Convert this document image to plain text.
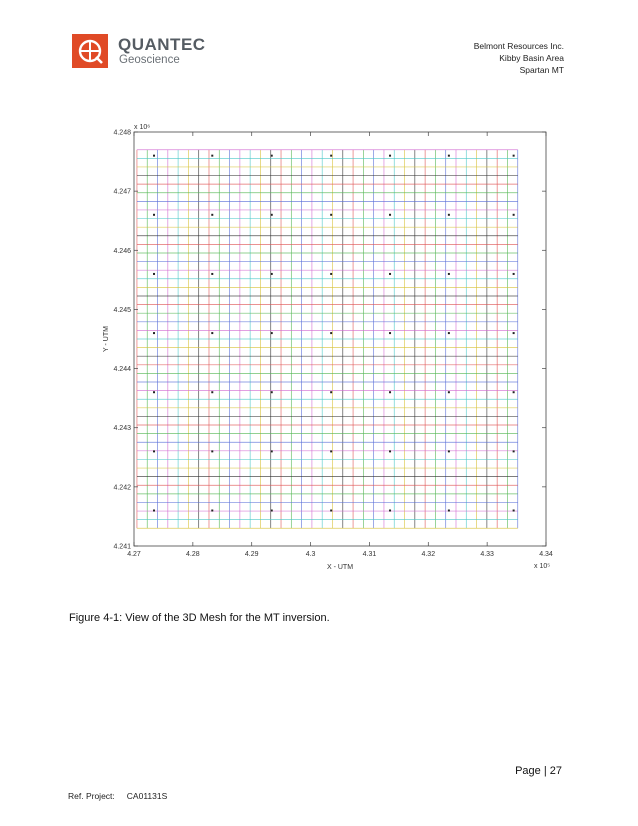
QUANTEC
Geoscience
Belmont Resources Inc.
Kibby Basin Area
Spartan MT
4.27	4.28	4.29	4.3	4.31	4.32	4.33	4.34
4.241
4.242
4.243
4.244
4.245
4.246
4.247
4.248
X - UTM
Y - UTM
x 10⁵
x 10⁶
Figure 4-1: View of the 3D Mesh for the MT inversion.
Page | 27
Ref. Project: CA01131S
